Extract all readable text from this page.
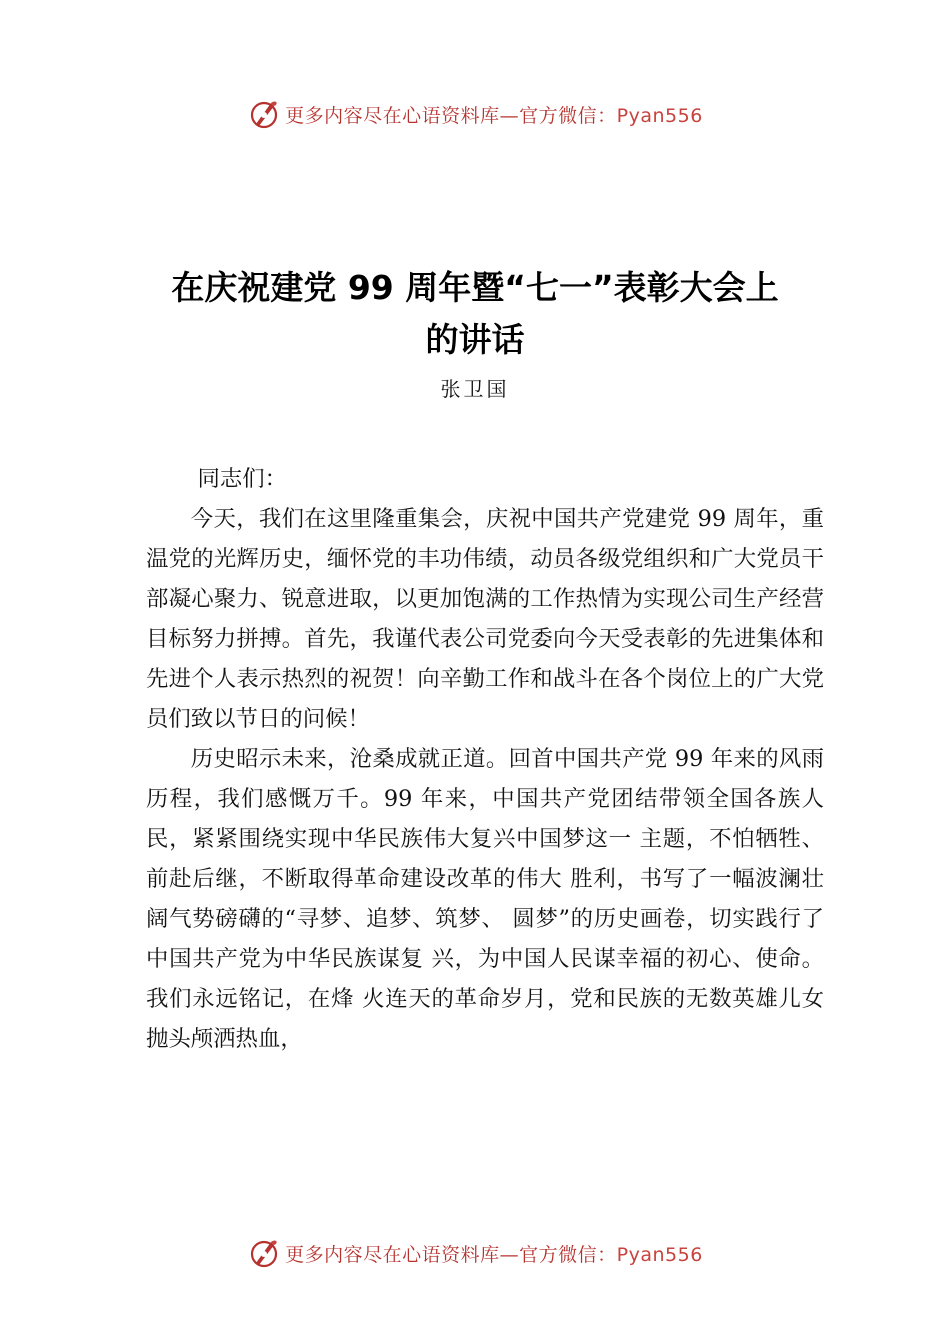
更多内容尽在心语资料库—官方微信：Pyan556
在庆祝建党 99 周年暨“七一”表彰大会上
的讲话
张卫国

同志们：

今天，我们在这里隆重集会，庆祝中国共产党建党 99 周年，重温党的光辉历史，缅怀党的丰功伟绩，动员各级党组织和广大党员干部凝心聚力、锐意进取，以更加饱满的工作热情为实现公司生产经营目标努力拼搏。首先，我谨代表公司党委向今天受表彰的先进集体和先进个人表示热烈的祝贺！向辛勤工作和战斗在各个岗位上的广大党员们致以节日的问候！

历史昭示未来，沧桑成就正道。回首中国共产党 99 年来的风雨历程，我们感慨万千。99 年来，中国共产党团结带领全国各族人民，紧紧围绕实现中华民族伟大复兴中国梦这一 主题，不怕牺牲、前赴后继，不断取得革命建设改革的伟大 胜利，书写了一幅波澜壮阔气势磅礴的“寻梦、追梦、筑梦、 圆梦”的历史画卷，切实践行了中国共产党为中华民族谋复 兴，为中国人民谋幸福的初心、使命。我们永远铭记，在烽 火连天的革命岁月，党和民族的无数英雄儿女抛头颅洒热血，

更多内容尽在心语资料库—官方微信：Pyan556
